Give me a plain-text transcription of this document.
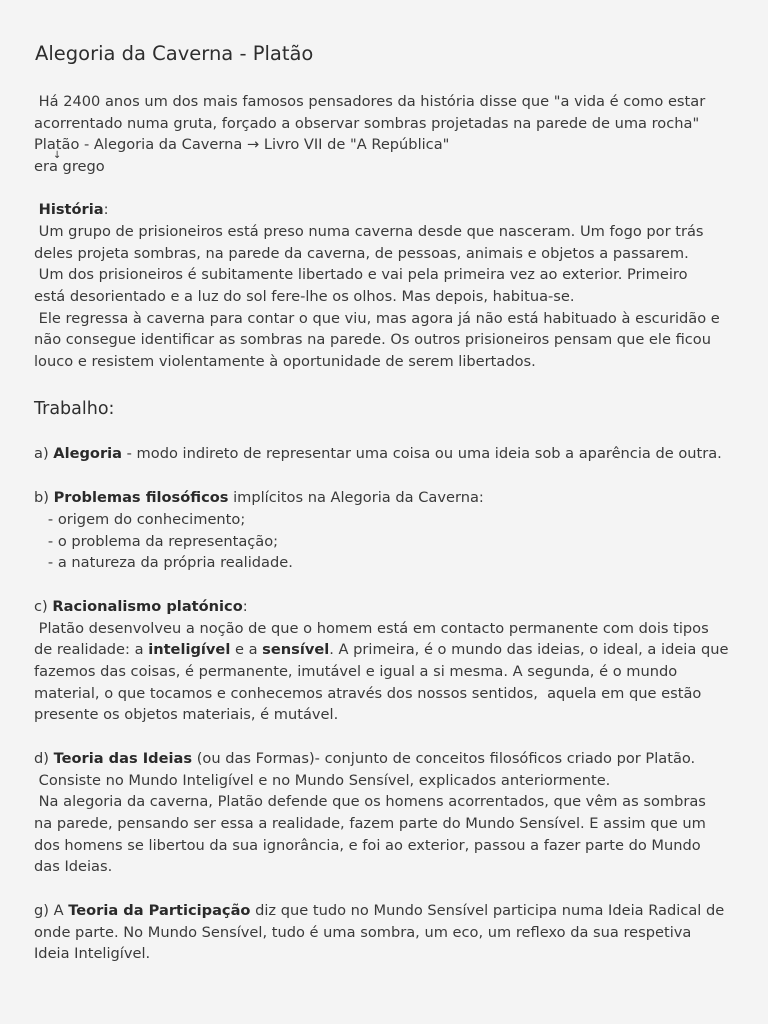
Alegoria da Caverna - Platão
Há 2400 anos um dos mais famosos pensadores da história disse que "a vida é como estar
acorrentado numa gruta, forçado a observar sombras projetadas na parede de uma rocha"
Platão - Alegoria da Caverna → Livro VII de "A República"
↓
era grego
História:
Um grupo de prisioneiros está preso numa caverna desde que nasceram. Um fogo por trás
deles projeta sombras, na parede da caverna, de pessoas, animais e objetos a passarem.
Um dos prisioneiros é subitamente libertado e vai pela primeira vez ao exterior. Primeiro
está desorientado e a luz do sol fere-lhe os olhos. Mas depois, habitua-se.
Ele regressa à caverna para contar o que viu, mas agora já não está habituado à escuridão e
não consegue identificar as sombras na parede. Os outros prisioneiros pensam que ele ficou
louco e resistem violentamente à oportunidade de serem libertados.
Trabalho:
a) Alegoria - modo indireto de representar uma coisa ou uma ideia sob a aparência de outra.
b) Problemas filosóficos implícitos na Alegoria da Caverna:
- origem do conhecimento;
- o problema da representação;
- a natureza da própria realidade.
c) Racionalismo platónico:
Platão desenvolveu a noção de que o homem está em contacto permanente com dois tipos
de realidade: a inteligível e a sensível. A primeira, é o mundo das ideias, o ideal, a ideia que
fazemos das coisas, é permanente, imutável e igual a si mesma. A segunda, é o mundo
material, o que tocamos e conhecemos através dos nossos sentidos,  aquela em que estão
presente os objetos materiais, é mutável.
d) Teoria das Ideias (ou das Formas)- conjunto de conceitos filosóficos criado por Platão.
Consiste no Mundo Inteligível e no Mundo Sensível, explicados anteriormente.
Na alegoria da caverna, Platão defende que os homens acorrentados, que vêm as sombras
na parede, pensando ser essa a realidade, fazem parte do Mundo Sensível. E assim que um
dos homens se libertou da sua ignorância, e foi ao exterior, passou a fazer parte do Mundo
das Ideias.
g) A Teoria da Participação diz que tudo no Mundo Sensível participa numa Ideia Radical de
onde parte. No Mundo Sensível, tudo é uma sombra, um eco, um reflexo da sua respetiva
Ideia Inteligível.
